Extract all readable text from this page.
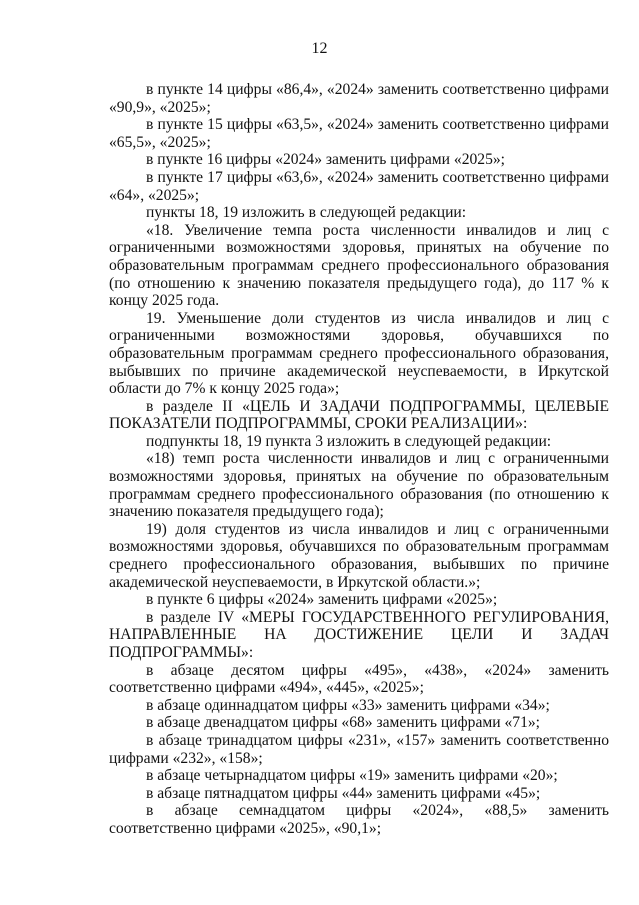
12

в пункте 14 цифры «86,4», «2024» заменить соответственно цифрами «90,9», «2025»;

в пункте 15 цифры «63,5», «2024» заменить соответственно цифрами «65,5», «2025»;

в пункте 16 цифры «2024» заменить цифрами «2025»;

в пункте 17 цифры «63,6», «2024» заменить соответственно цифрами «64», «2025»;

пункты 18, 19 изложить в следующей редакции:

«18. Увеличение темпа роста численности инвалидов и лиц с ограниченными возможностями здоровья, принятых на обучение по образовательным программам среднего профессионального образования (по отношению к значению показателя предыдущего года), до 117 % к концу 2025 года.

19. Уменьшение доли студентов из числа инвалидов и лиц с ограниченными возможностями здоровья, обучавшихся по образовательным программам среднего профессионального образования, выбывших по причине академической неуспеваемости, в Иркутской области до 7% к концу 2025 года»;

в разделе II «ЦЕЛЬ И ЗАДАЧИ ПОДПРОГРАММЫ, ЦЕЛЕВЫЕ ПОКАЗАТЕЛИ ПОДПРОГРАММЫ, СРОКИ РЕАЛИЗАЦИИ»:

подпункты 18, 19 пункта 3 изложить в следующей редакции:

«18) темп роста численности инвалидов и лиц с ограниченными возможностями здоровья, принятых на обучение по образовательным программам среднего профессионального образования (по отношению к значению показателя предыдущего года);

19) доля студентов из числа инвалидов и лиц с ограниченными возможностями здоровья, обучавшихся по образовательным программам среднего профессионального образования, выбывших по причине академической неуспеваемости, в Иркутской области.»;

в пункте 6 цифры «2024» заменить цифрами «2025»;

в разделе IV «МЕРЫ ГОСУДАРСТВЕННОГО РЕГУЛИРОВАНИЯ, НАПРАВЛЕННЫЕ НА ДОСТИЖЕНИЕ ЦЕЛИ И ЗАДАЧ ПОДПРОГРАММЫ»:

в абзаце десятом цифры «495», «438», «2024» заменить соответственно цифрами «494», «445», «2025»;

в абзаце одиннадцатом цифры «33» заменить цифрами «34»;

в абзаце двенадцатом цифры «68» заменить цифрами «71»;

в абзаце тринадцатом цифры «231», «157» заменить соответственно цифрами «232», «158»;

в абзаце четырнадцатом цифры «19» заменить цифрами «20»;

в абзаце пятнадцатом цифры «44» заменить цифрами «45»;

в абзаце семнадцатом цифры «2024», «88,5» заменить соответственно цифрами «2025», «90,1»;
